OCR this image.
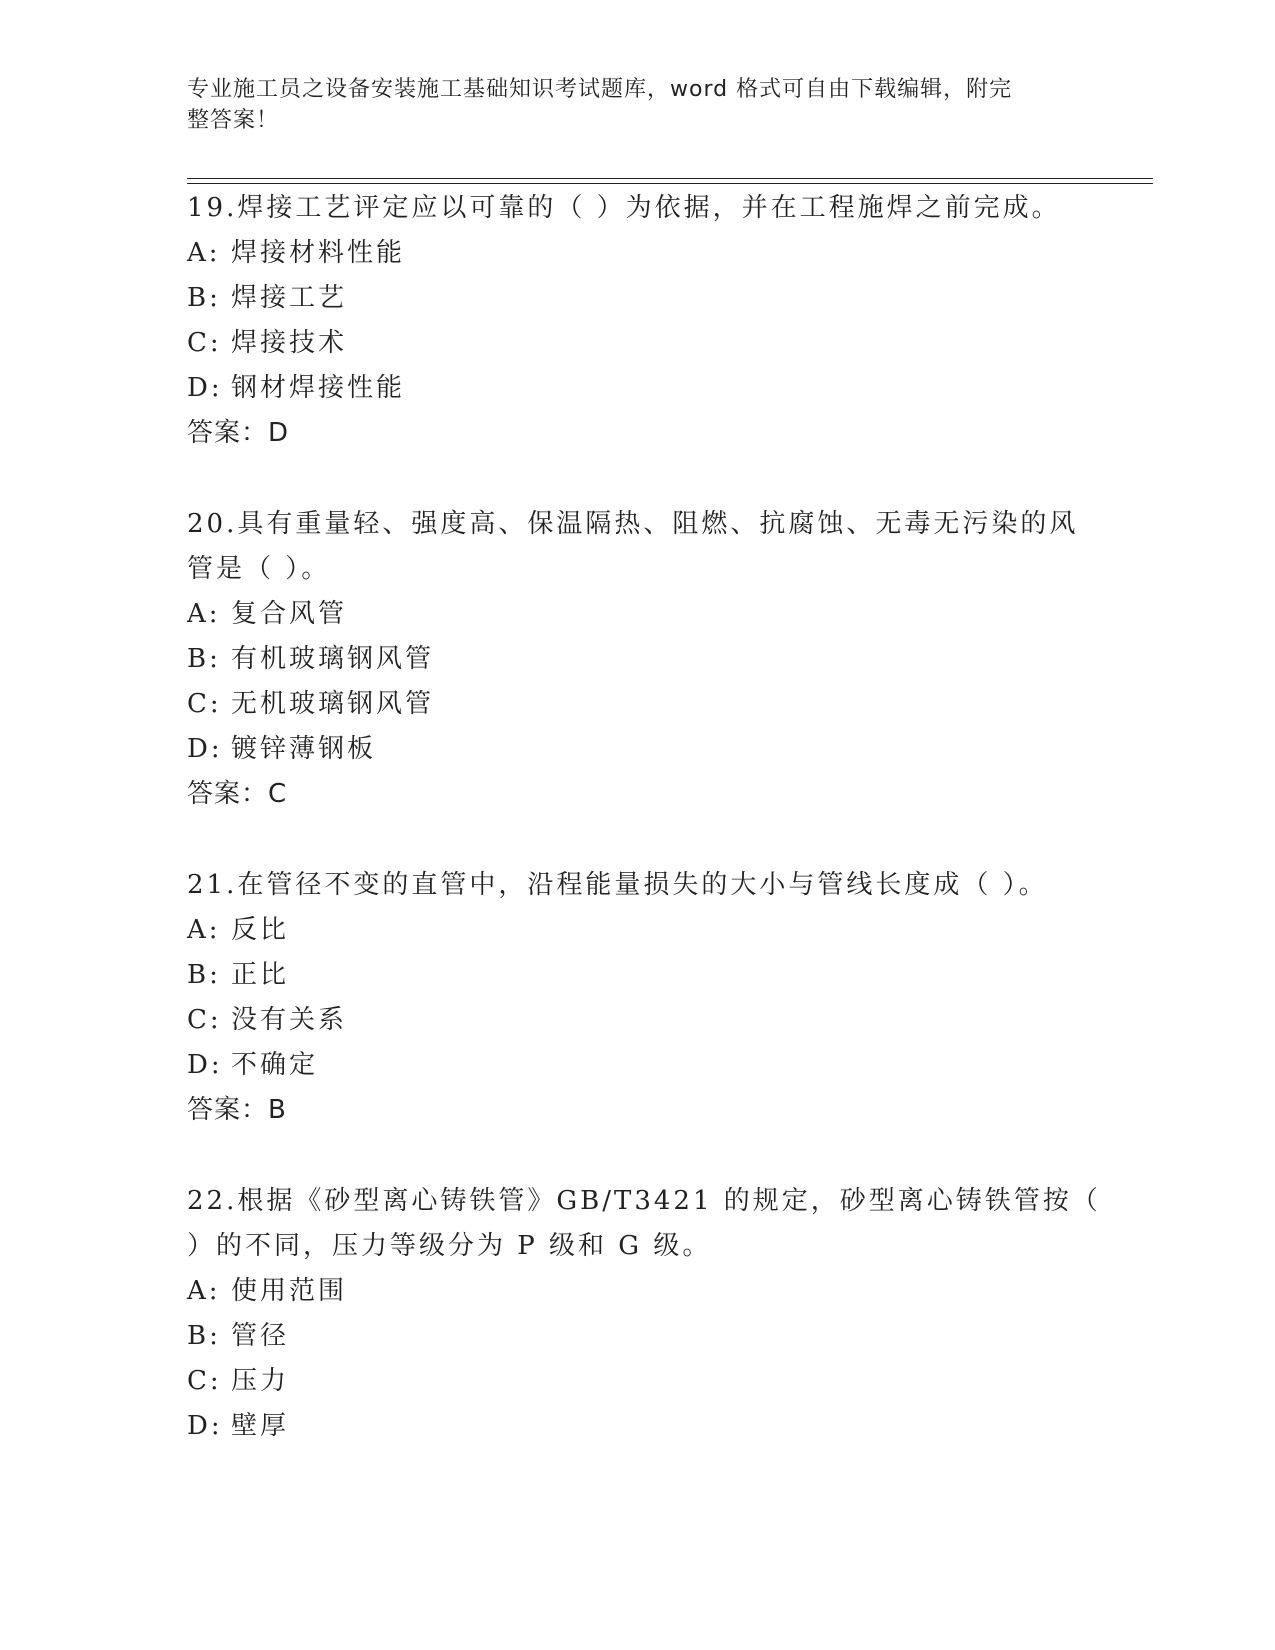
专业施工员之设备安装施工基础知识考试题库，word 格式可自由下载编辑，附完
整答案！
19.焊接工艺评定应以可靠的（ ）为依据，并在工程施焊之前完成。
A: 焊接材料性能
B: 焊接工艺
C: 焊接技术
D: 钢材焊接性能
答案：D
20.具有重量轻、强度高、保温隔热、阻燃、抗腐蚀、无毒无污染的风
管是（ ）。
A: 复合风管
B: 有机玻璃钢风管
C: 无机玻璃钢风管
D: 镀锌薄钢板
答案：C
21.在管径不变的直管中，沿程能量损失的大小与管线长度成（ ）。
A: 反比
B: 正比
C: 没有关系
D: 不确定
答案：B
22.根据《砂型离心铸铁管》GB/T3421 的规定，砂型离心铸铁管按（
）的不同，压力等级分为 P 级和 G 级。
A: 使用范围
B: 管径
C: 压力
D: 壁厚
